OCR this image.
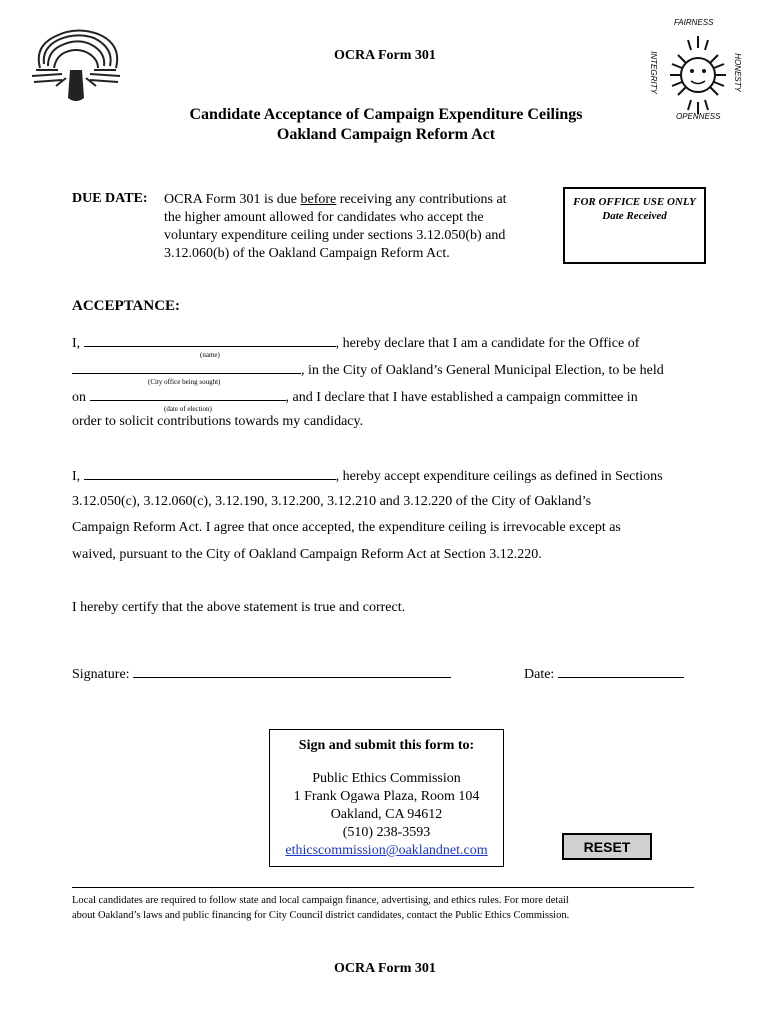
FAIRNESS
INTEGRITY	HONESTY
OPENNESS
OCRA Form 301
Candidate Acceptance of Campaign Expenditure Ceilings
Oakland Campaign Reform Act
DUE DATE: OCRA Form 301 is due before receiving any contributions at
the higher amount allowed for candidates who accept the
voluntary expenditure ceiling under sections 3.12.050(b) and
3.12.060(b) of the Oakland Campaign Reform Act.
FOR OFFICE USE ONLY
Date Received
ACCEPTANCE:
I,	, hereby declare that I am a candidate for the Office of
(name)
, in the City of Oakland’s General Municipal Election, to be held
(City office being sought)
on	, and I declare that I have established a campaign committee in
(date of election)
order to solicit contributions towards my candidacy.
I,	, hereby accept expenditure ceilings as defined in Sections
3.12.050(c), 3.12.060(c), 3.12.190, 3.12.200, 3.12.210 and 3.12.220 of the City of Oakland’s
Campaign Reform Act. I agree that once accepted, the expenditure ceiling is irrevocable except as
waived, pursuant to the City of Oakland Campaign Reform Act at Section 3.12.220.
I hereby certify that the above statement is true and correct.
Signature:	Date:
Sign and submit this form to:
Public Ethics Commission
1 Frank Ogawa Plaza, Room 104
Oakland, CA 94612
(510) 238-3593
ethicscommission@oaklandnet.com	RESET
Local candidates are required to follow state and local campaign finance, advertising, and ethics rules. For more detail
about Oakland’s laws and public financing for City Council district candidates, contact the Public Ethics Commission.
OCRA Form 301
